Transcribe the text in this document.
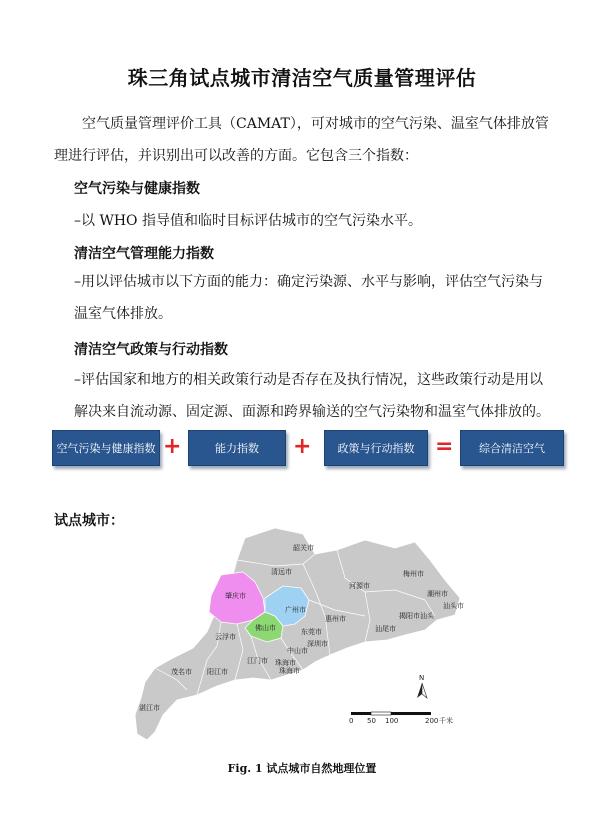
珠三角试点城市清洁空气质量管理评估

空气质量管理评价工具（CAMAT），可对城市的空气污染、温室气体排放管理进行评估，并识别出可以改善的方面。它包含三个指数：

空气污染与健康指数
–以 WHO 指导值和临时目标评估城市的空气污染水平。
清洁空气管理能力指数

–用以评估城市以下方面的能力：确定污染源、水平与影响，评估空气污染与温室气体排放。

清洁空气政策与行动指数

–评估国家和地方的相关政策行动是否存在及执行情况，这些政策行动是用以解决来自流动源、固定源、面源和跨界输送的空气污染物和温室气体排放的。

空气污染与健康指数 +	能力指数	+	政策与行动指数 =	综合清洁空气
试点城市：
韶关市
清远市
河源市
梅州市
潮州市
肇庆市
广州市
惠州市	揭阳市汕头
汕头市
佛山市	东莞市	汕尾市
云浮市
深圳市
中山市
江门市 珠海市
珠海市
茂名市 阳江市
湛江市
N
0 50 100	200 千米
Fig. 1 试点城市自然地理位置
